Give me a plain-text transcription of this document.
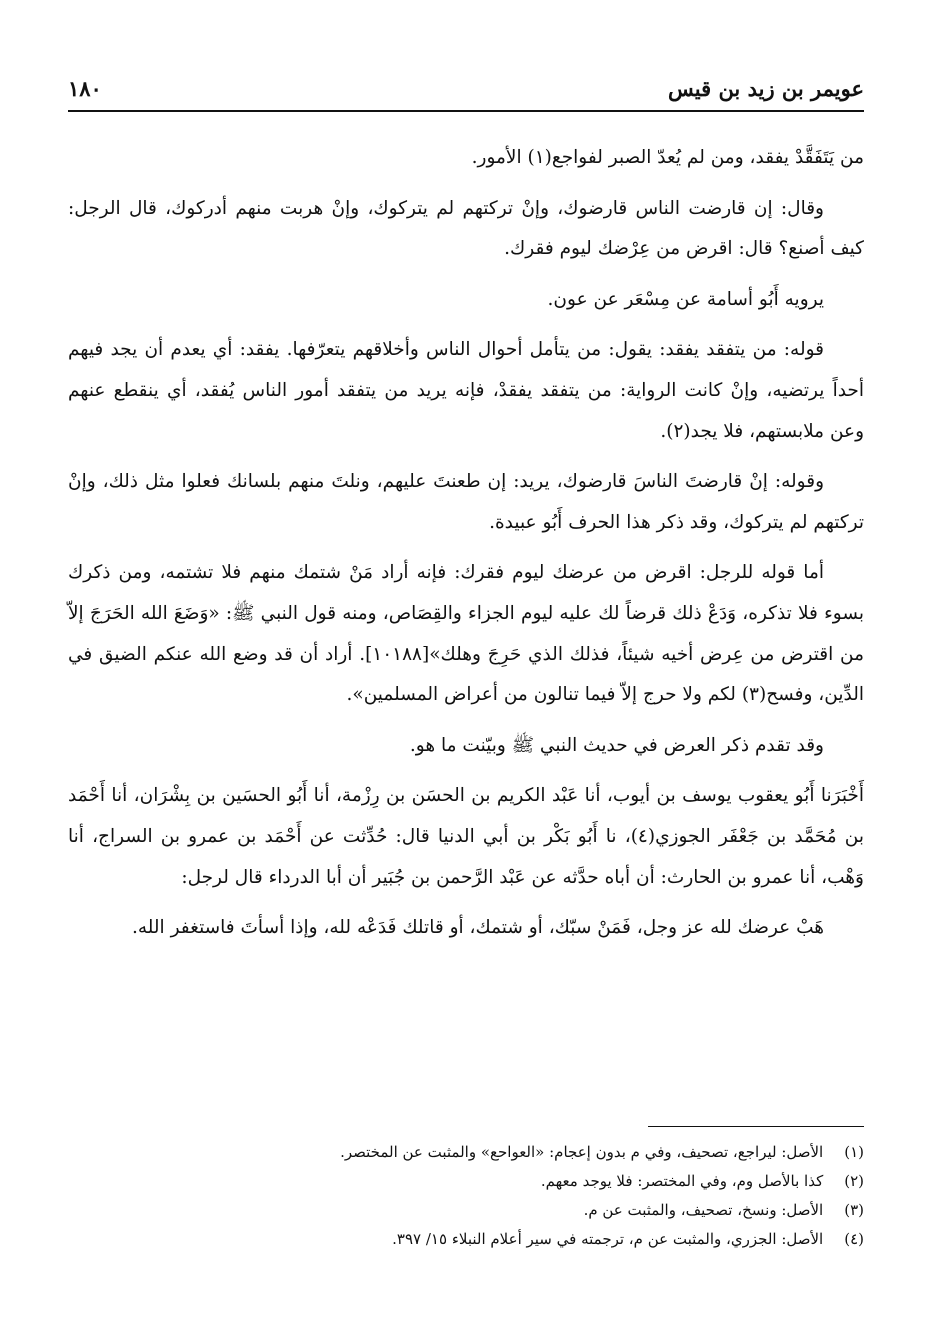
عويمر بن زيد بن قيس
١٨٠

من يَتَفَقَّدْ يفقد، ومن لم يُعدّ الصبر لفواجع(١) الأمور.

وقال: إن قارضت الناس قارضوك، وإنْ تركتهم لم يتركوك، وإنْ هربت منهم أدركوك، قال الرجل: كيف أصنع؟ قال: اقرض من عِرْضك ليوم فقرك.

يرويه أَبُو أسامة عن مِسْعَر عن عون.

قوله: من يتفقد يفقد: يقول: من يتأمل أحوال الناس وأخلاقهم يتعرّفها. يفقد: أي يعدم أن يجد فيهم أحداً يرتضيه، وإنْ كانت الرواية: من يتفقد يفقدْ، فإنه يريد من يتفقد أمور الناس يُفقد، أي ينقطع عنهم وعن ملابستهم، فلا يجد(٢).

وقوله: إنْ قارضتَ الناسَ قارضوك، يريد: إن طعنتَ عليهم، ونلتَ منهم بلسانك فعلوا مثل ذلك، وإنْ تركتهم لم يتركوك، وقد ذكر هذا الحرف أَبُو عبيدة.

أما قوله للرجل: اقرض من عرضك ليوم فقرك: فإنه أراد مَنْ شتمك منهم فلا تشتمه، ومن ذكرك بسوء فلا تذكره، وَدَعْ ذلك قرضاً لك عليه ليوم الجزاء والقِصَاص، ومنه قول النبي ﷺ: «وَضَعَ الله الحَرَجَ إلاّ من اقترض من عِرض أخيه شيئاً، فذلك الذي حَرِجَ وهلك»[١٠١٨٨]. أراد أن قد وضع الله عنكم الضيق في الدِّين، وفسح(٣) لكم ولا حرج إلاّ فيما تنالون من أعراض المسلمين».

وقد تقدم ذكر العرض في حديث النبي ﷺ وبيّنت ما هو.

أَخْبَرَنا أَبُو يعقوب يوسف بن أيوب، أنا عَبْد الكريم بن الحسَن بن رِزْمة، أنا أَبُو الحسَين بن بِشْرَان، أنا أَحْمَد بن مُحَمَّد بن جَعْفَر الجوزي(٤)، نا أَبُو بَكْر بن أبي الدنيا قال: حُدِّثت عن أَحْمَد بن عمرو بن السراج، أنا وَهْب، أنا عمرو بن الحارث: أن أباه حدَّثه عن عَبْد الرَّحمن بن جُبَير أن أبا الدرداء قال لرجل:

هَبْ عرضك لله عز وجل، فَمَنْ سبّك، أو شتمك، أو قاتلك فَدَعْه لله، وإذا أسأتَ فاستغفر الله.

(١) الأصل: ليراجع، تصحيف، وفي م بدون إعجام: «العواحع» والمثبت عن المختصر.
(٢) كذا بالأصل وم، وفي المختصر: فلا يوجد معهم.
(٣) الأصل: ونسخ، تصحيف، والمثبت عن م.
(٤) الأصل: الجزري، والمثبت عن م، ترجمته في سير أعلام النبلاء ١٥/ ٣٩٧.
